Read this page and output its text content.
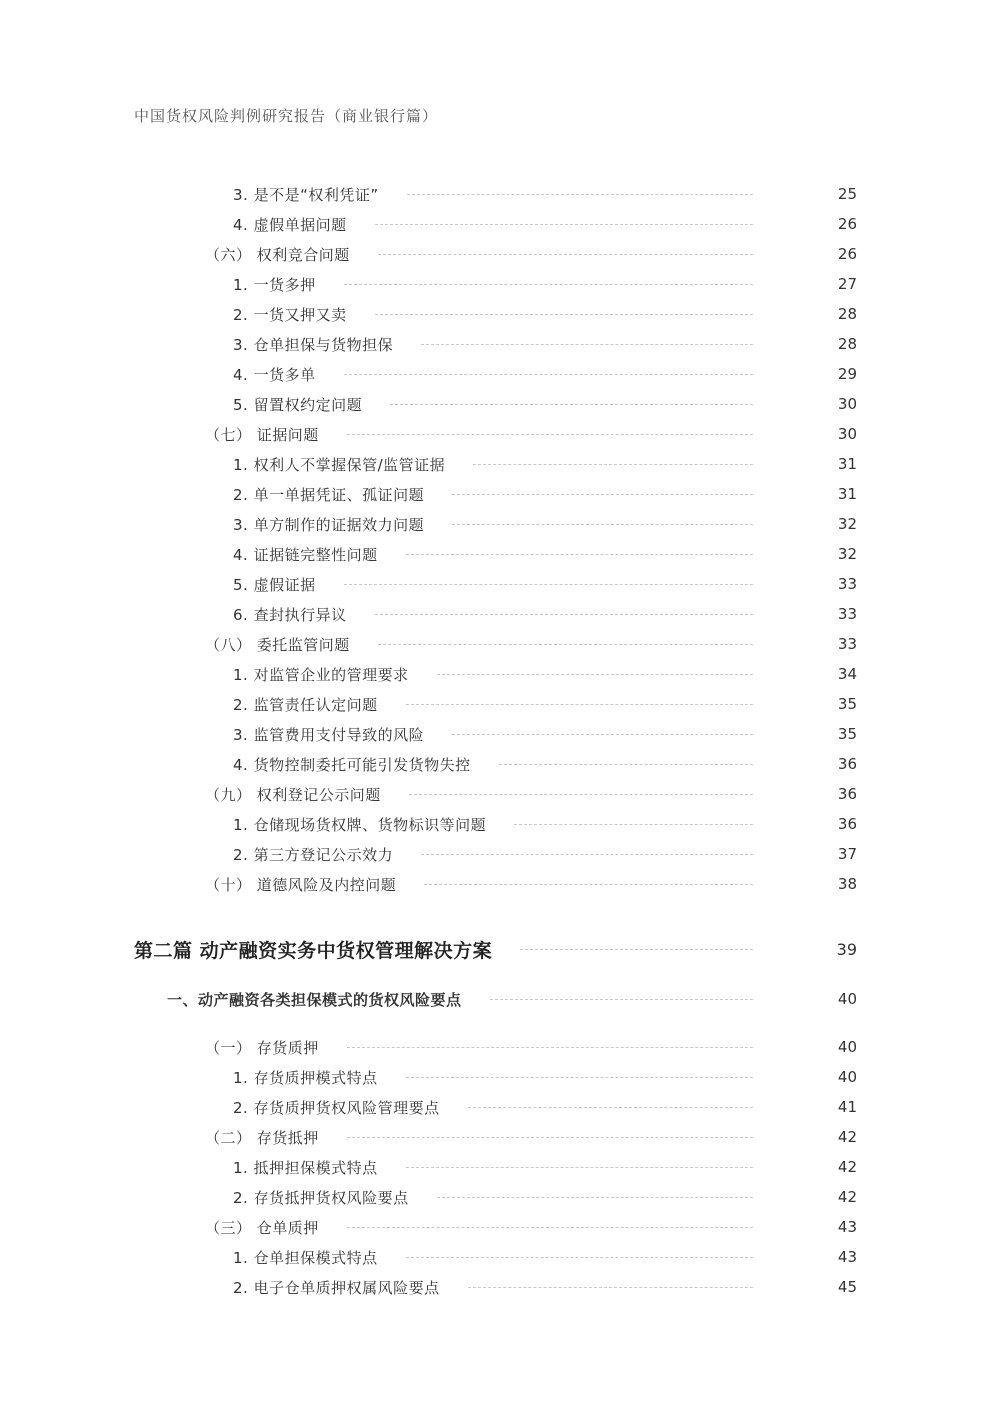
中国货权风险判例研究报告（商业银行篇）
3. 是不是“权利凭证”	25
4. 虚假单据问题	26
（六） 权利竞合问题	26
1. 一货多押	27
2. 一货又押又卖	28
3. 仓单担保与货物担保	28
4. 一货多单	29
5. 留置权约定问题	30
（七） 证据问题	30
1. 权利人不掌握保管/监管证据	31
2. 单一单据凭证、孤证问题	31
3. 单方制作的证据效力问题	32
4. 证据链完整性问题	32
5. 虚假证据	33
6. 查封执行异议	33
（八） 委托监管问题	33
1. 对监管企业的管理要求	34
2. 监管责任认定问题	35
3. 监管费用支付导致的风险	35
4. 货物控制委托可能引发货物失控	36
（九） 权利登记公示问题	36
1. 仓储现场货权牌、货物标识等问题	36
2. 第三方登记公示效力	37
（十） 道德风险及内控问题	38
第二篇 动产融资实务中货权管理解决方案	39
一、动产融资各类担保模式的货权风险要点	40
（一） 存货质押	40
1. 存货质押模式特点	40
2. 存货质押货权风险管理要点	41
（二） 存货抵押	42
1. 抵押担保模式特点	42
2. 存货抵押货权风险要点	42
（三） 仓单质押	43
1. 仓单担保模式特点	43
2. 电子仓单质押权属风险要点	45
